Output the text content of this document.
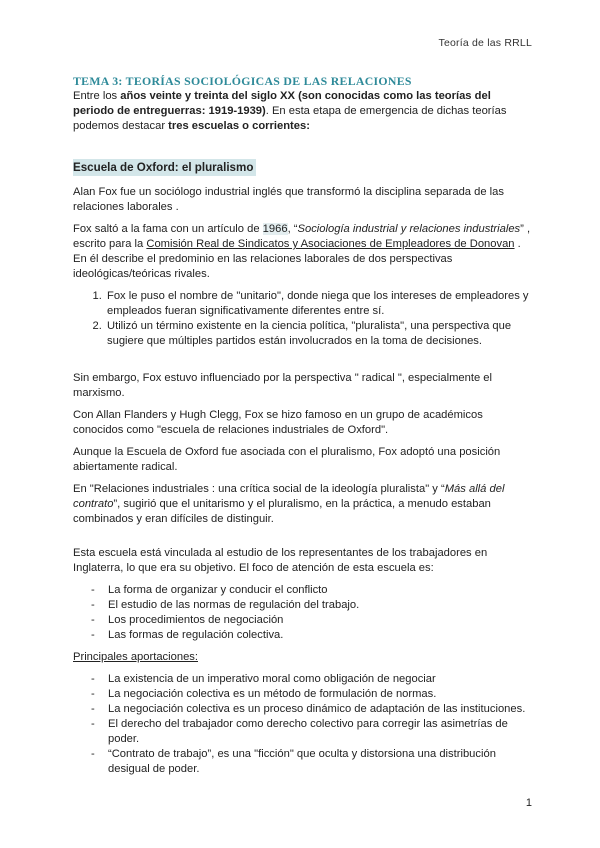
Teoría de las RRLL
TEMA 3: TEORÍAS SOCIOLÓGICAS DE LAS RELACIONES

Entre los años veinte y treinta del siglo XX (son conocidas como las teorías del periodo de entreguerras: 1919-1939). En esta etapa de emergencia de dichas teorías podemos destacar tres escuelas o corrientes:

Escuela de Oxford: el pluralismo

Alan Fox fue un sociólogo industrial inglés que transformó la disciplina separada de las relaciones laborales .

Fox saltó a la fama con un artículo de 1966, “Sociología industrial y relaciones industriales” , escrito para la Comisión Real de Sindicatos y Asociaciones de Empleadores de Donovan . En él describe el predominio en las relaciones laborales de dos perspectivas ideológicas/teóricas rivales.

1. Fox le puso el nombre de "unitario", donde niega que los intereses de empleadores y empleados fueran significativamente diferentes entre sí.
2. Utilizó un término existente en la ciencia política, "pluralista", una perspectiva que sugiere que múltiples partidos están involucrados en la toma de decisiones.

Sin embargo, Fox estuvo influenciado por la perspectiva " radical ", especialmente el marxismo.

Con Allan Flanders y Hugh Clegg, Fox se hizo famoso en un grupo de académicos conocidos como "escuela de relaciones industriales de Oxford".

Aunque la Escuela de Oxford fue asociada con el pluralismo, Fox adoptó una posición abiertamente radical.

En "Relaciones industriales : una crítica social de la ideología pluralista" y “Más allá del contrato”, sugirió que el unitarismo y el pluralismo, en la práctica, a menudo estaban combinados y eran difíciles de distinguir.

Esta escuela está vinculada al estudio de los representantes de los trabajadores en Inglaterra, lo que era su objetivo. El foco de atención de esta escuela es:

- La forma de organizar y conducir el conflicto
- El estudio de las normas de regulación del trabajo.
- Los procedimientos de negociación
- Las formas de regulación colectiva.

Principales aportaciones:

- La existencia de un imperativo moral como obligación de negociar
- La negociación colectiva es un método de formulación de normas.
- La negociación colectiva es un proceso dinámico de adaptación de las instituciones.
- El derecho del trabajador como derecho colectivo para corregir las asimetrías de poder.
- “Contrato de trabajo”, es una "ficción" que oculta y distorsiona una distribución desigual de poder.
1
